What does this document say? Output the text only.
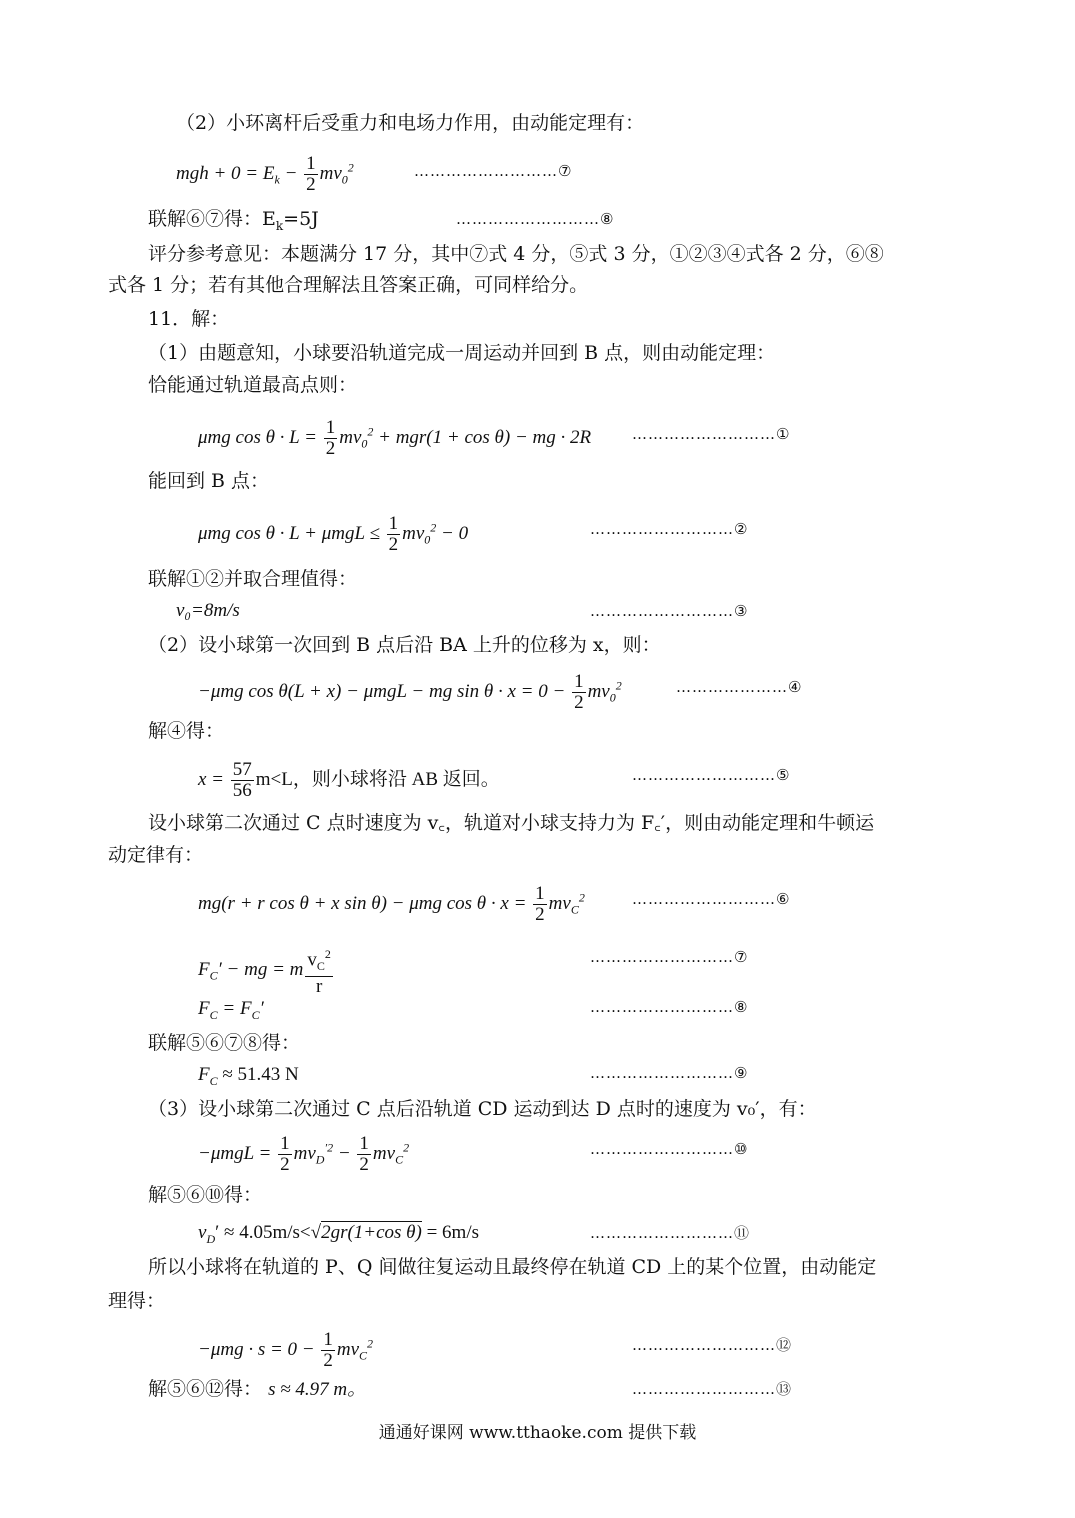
（2）小环离杆后受重力和电场力作用，由动能定理有：
mgh + $0 = E_k - \frac{1}{2} mv_0^2$	………………………⑦
联解⑥⑦得：$E_k=5J$	………………………⑧
评分参考意见：本题满分 17 分，其中⑦式 4 分，⑤式 3 分，①②③④式各 2 分，⑥⑧
式各 1 分；若有其他合理解法且答案正确，可同样给分。
11．解：
（1）由题意知，小球要沿轨道完成一周运动并回到 B 点，则由动能定理：
恰能通过轨道最高点则：
μmg $\cos \theta \cdot L = \frac{1}{2} mv_0^2 + mgr(1 + \cos \theta)$ − mg · 2R	………………………①
能回到 B 点：
μmg $\cos \theta \cdot L + \mu mgL \le \frac{1}{2} mv_0^2 - 0$	………………………②
联解①②并取合理值得：
v₀=8m/s	………………………③
（2）设小球第一次回到 B 点后沿 BA 上升的位移为 x，则：
−μmg cos θ(L + x) − μmgL − mg $\sin \theta \cdot x = 0 - \frac{1}{2} mv_0^2$	…………………④
解④得：
$x = \frac{57}{56} m<L$，则小球将沿 AB 返回。	………………………⑤
设小球第二次通过 C 点时速度为 v꜀，轨道对小球支持力为 F꜀′，则由动能定理和牛顿运
动定律有：
mg(r + r cos θ + x sin θ) − μmg $\cos \theta \cdot x = \frac{1}{2} mv_C^2$	………………………⑥
$F_C'$ − mg = m $\frac{v_C^2}{r}$	………………………⑦
$F_C = F_C'$	………………………⑧
联解⑤⑥⑦⑧得：
$F_C \approx 51.43$ N	………………………⑨
（3）设小球第二次通过 C 点后沿轨道 CD 运动到达 D 点时的速度为 v₀′，有：
$-\mu mgL = \frac{1}{2} mv_D^{'2} - \frac{1}{2} mv_C^2$	………………………⑩
解⑤⑥⑩得：
$v_D' \approx 4.05m/s<√2gr(1+\cos$ θ) = 6m/s	………………………⑪
所以小球将在轨道的 P、Q 间做往复运动且最终停在轨道 CD 上的某个位置，由动能定
理得：
$-\mu mg \cdot s = 0 - \frac{1}{2} mv_C^2$	………………………⑫
解⑤⑥⑫得： s ≈ 4.97 m。	………………………⑬
通通好课网 www.tthaoke.com 提供下载
